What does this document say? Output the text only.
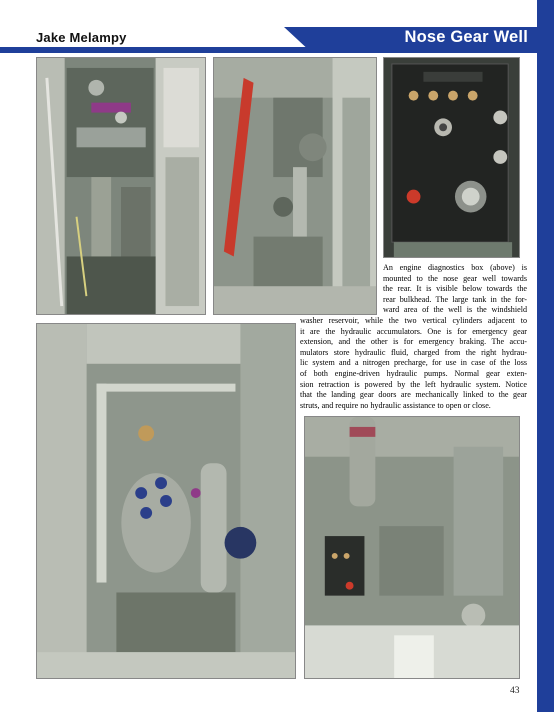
Jake Melampy	Nose Gear Well
An engine diagnostics box (above) is
mounted to the nose gear well towards
the rear. It is visible below towards the
rear bulkhead. The large tank in the for-
ward area of the well is the windshield
washer reservoir, while the two vertical cylinders adjacent to
it are the hydraulic accumulators. One is for emergency gear
extension, and the other is for emergency braking. The accu-
mulators store hydraulic fluid, charged from the right hydrau-
lic system and a nitrogen precharge, for use in case of the loss
of both engine-driven hydraulic pumps. Normal gear exten-
sion retraction is powered by the left hydraulic system. Notice
that the landing gear doors are mechanically linked to the gear
struts, and require no hydraulic assistance to open or close.
43
